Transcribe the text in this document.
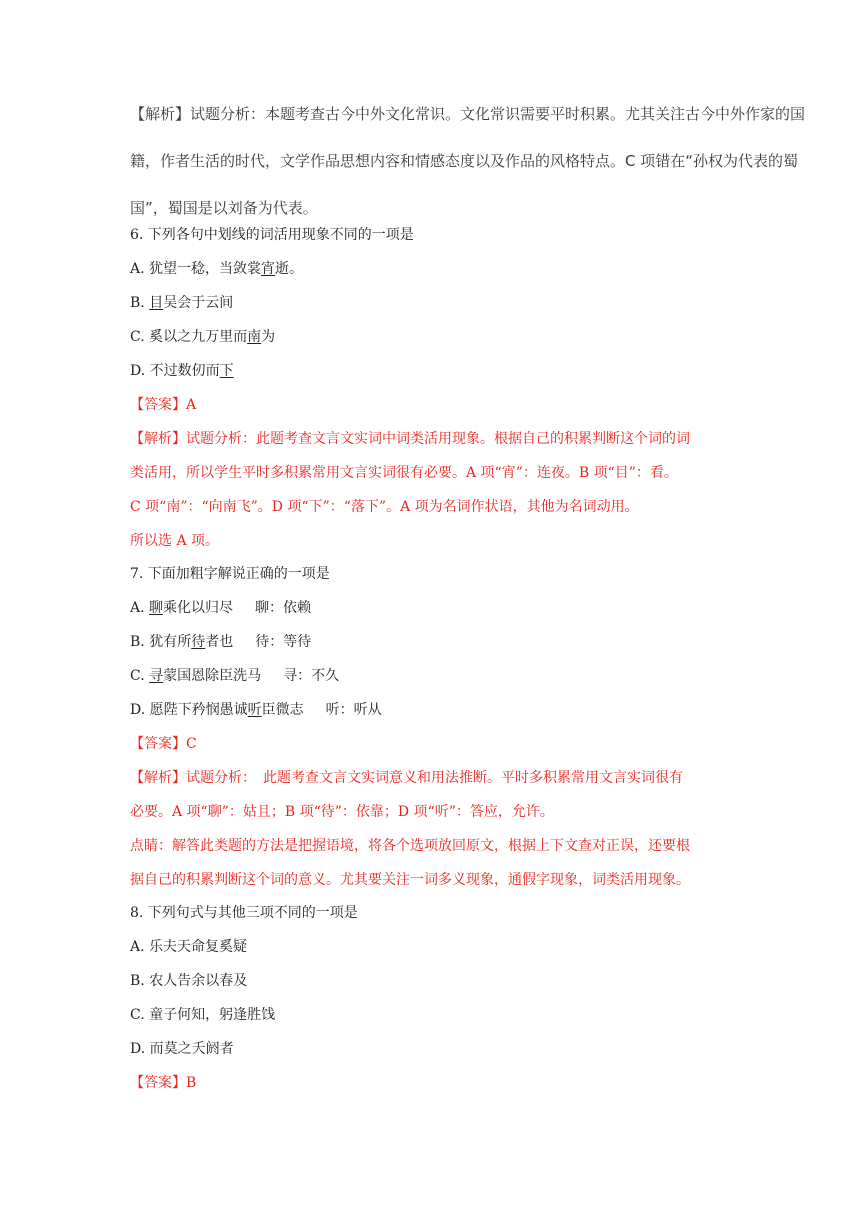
【解析】试题分析：本题考查古今中外文化常识。文化常识需要平时积累。尤其关注古今中外作家的国
籍，作者生活的时代，文学作品思想内容和情感态度以及作品的风格特点。C 项错在“孙权为代表的蜀
国”，蜀国是以刘备为代表。
6. 下列各句中划线的词活用现象不同的一项是
A. 犹望一稔，当敛裳宵逝。
B. 目吴会于云间
C. 奚以之九万里而南为
D. 不过数仞而下
【答案】A
【解析】试题分析：此题考查文言文实词中词类活用现象。根据自己的积累判断这个词的词
类活用，所以学生平时多积累常用文言实词很有必要。A 项“宵”：连夜。B 项“目”：看。
C 项“南”：“向南飞”。D 项“下”：“落下”。A 项为名词作状语，其他为名词动用。
所以选 A 项。
7. 下面加粗字解说正确的一项是
A. 聊乘化以归尽 聊：依赖
B. 犹有所待者也 待：等待
C. 寻蒙国恩除臣洗马 寻：不久
D. 愿陛下矜悯愚诚听臣微志 听：听从
【答案】C
【解析】试题分析：　此题考查文言文实词意义和用法推断。平时多积累常用文言实词很有
必要。A 项“聊”：姑且；B 项“待”：依靠；D 项“听”：答应，允许。
点睛：解答此类题的方法是把握语境，将各个选项放回原文，根据上下文查对正误，还要根
据自己的积累判断这个词的意义。尤其要关注一词多义现象，通假字现象，词类活用现象。
8. 下列句式与其他三项不同的一项是
A. 乐夫天命复奚疑
B. 农人告余以春及
C. 童子何知，躬逢胜饯
D. 而莫之夭阏者
【答案】B
